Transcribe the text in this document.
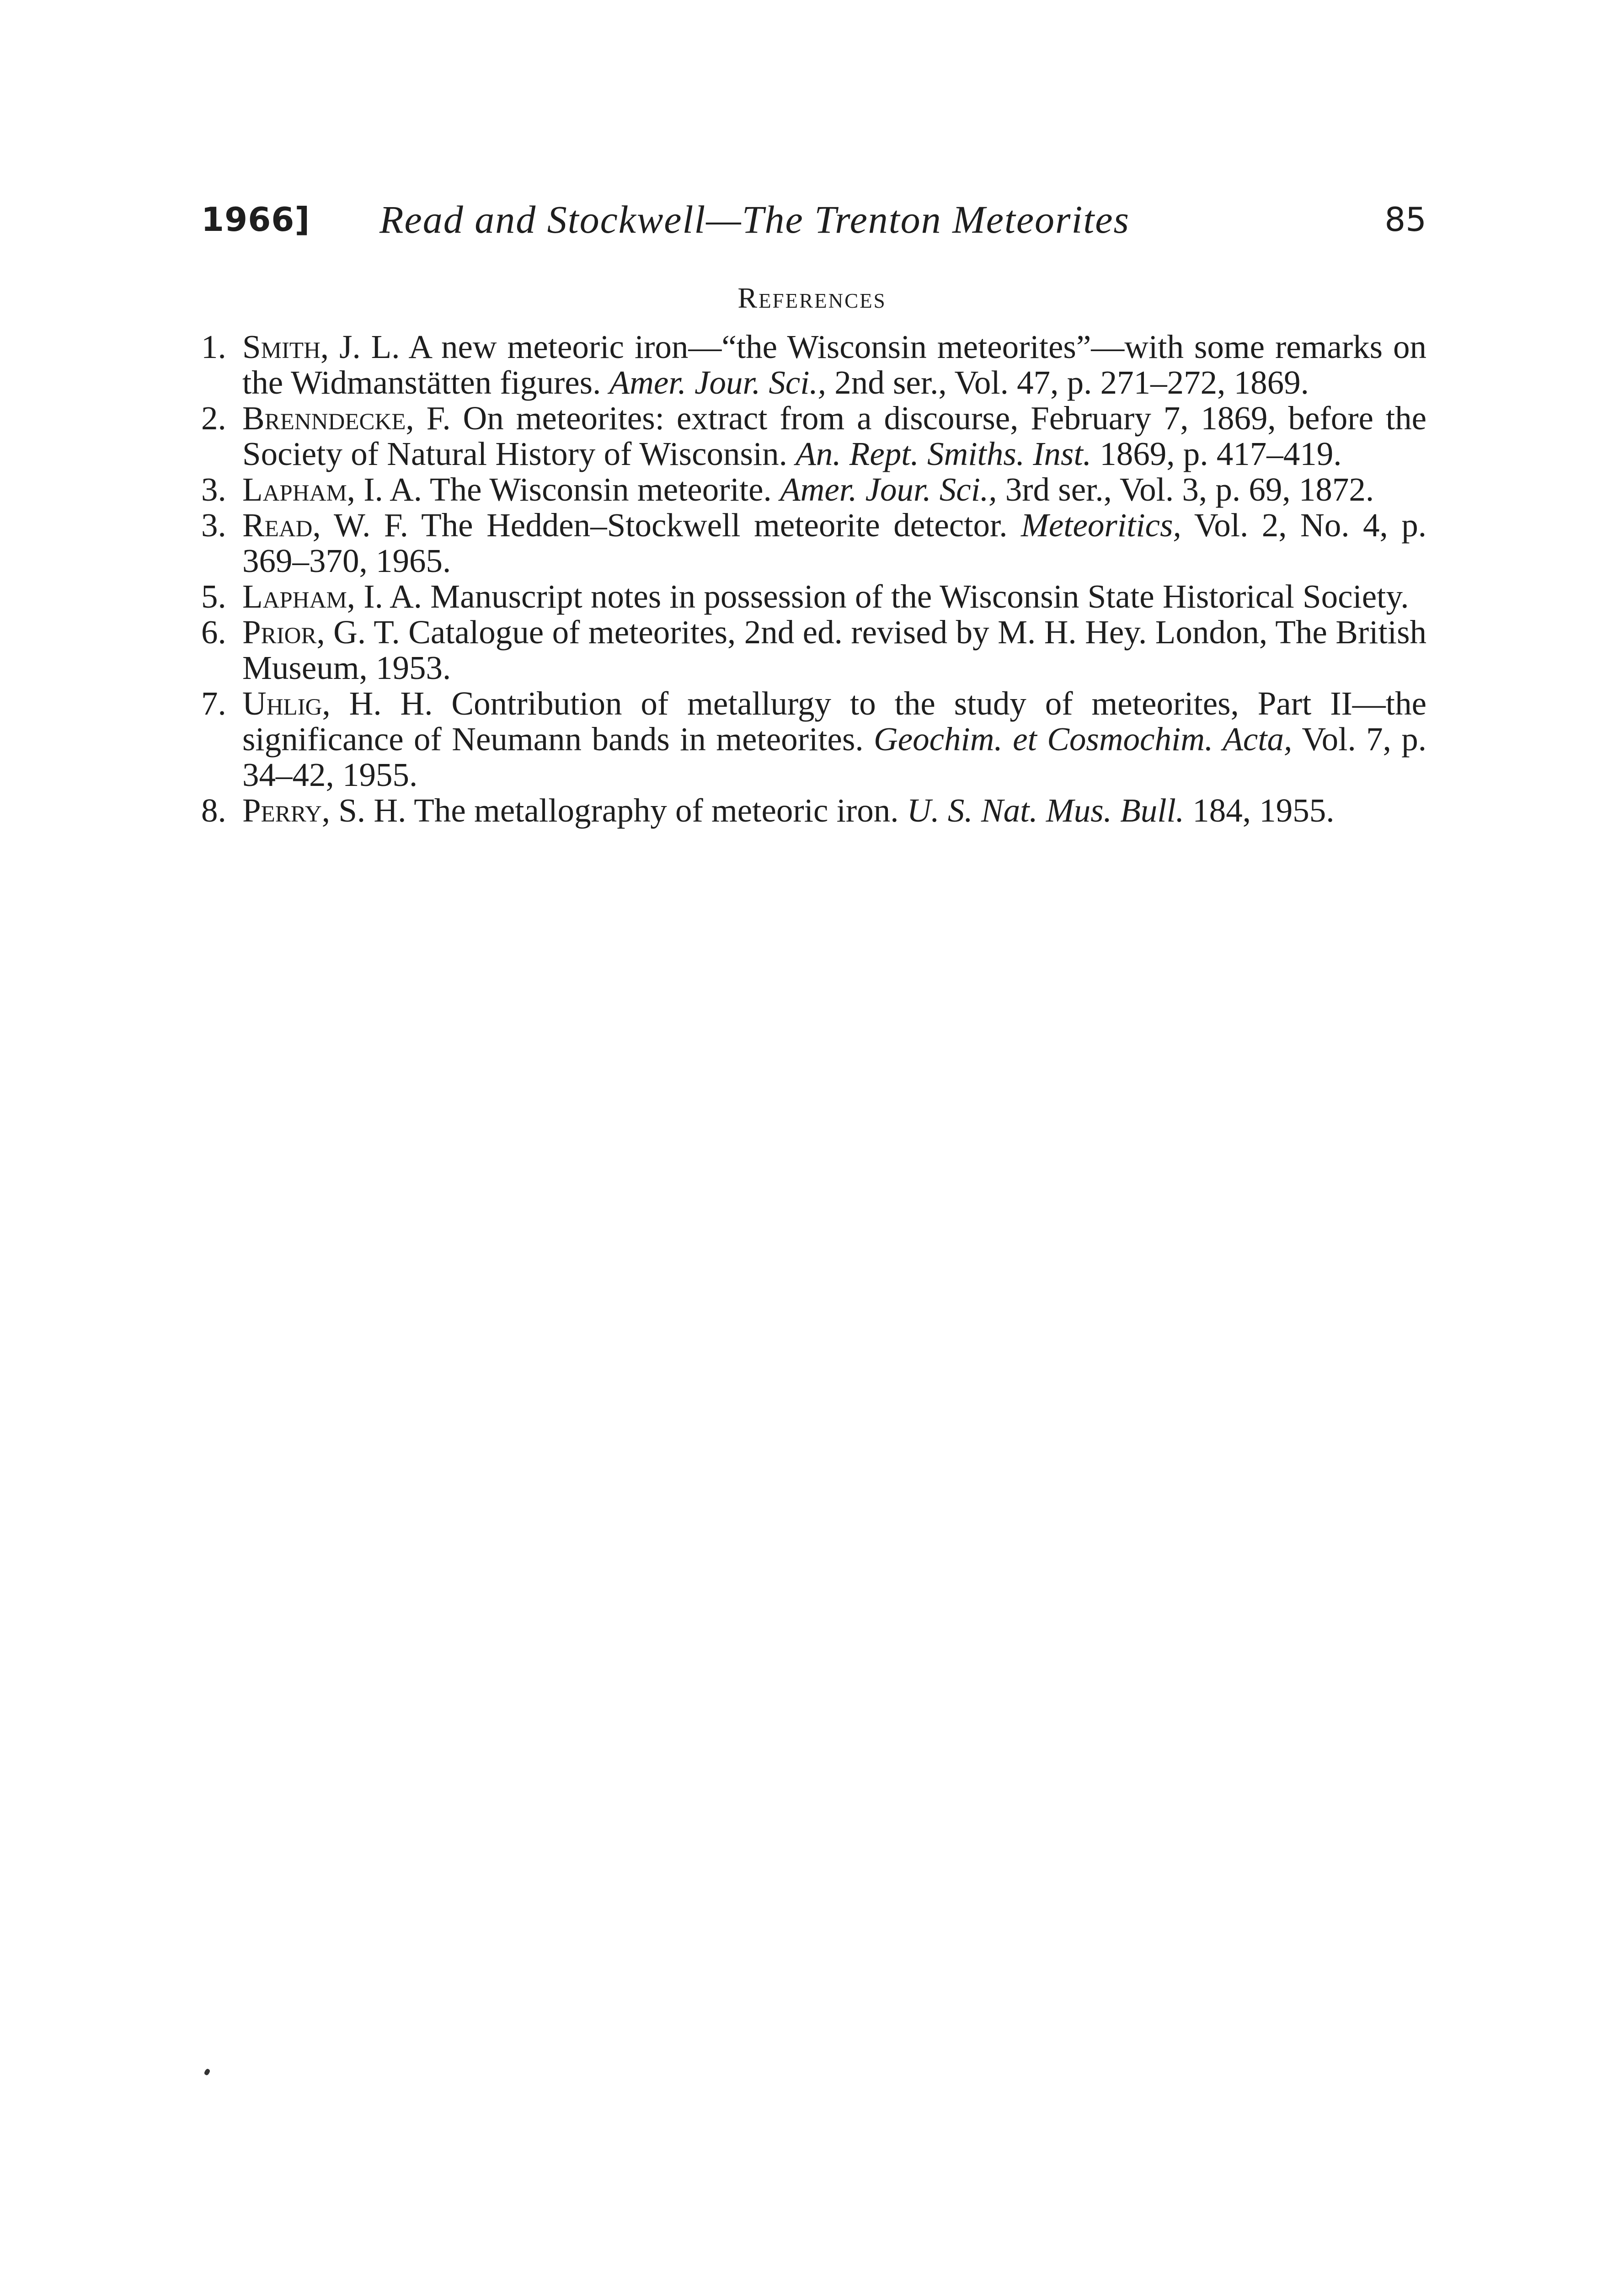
1966] Read and Stockwell—The Trenton Meteorites	85
References
1. Smith, J. L. A new meteoric iron—“the Wisconsin meteorites”—with some remarks on the Widmanstätten figures. Amer. Jour. Sci., 2nd ser., Vol. 47, p. 271–272, 1869.
2. Brenndecke, F. On meteorites: extract from a discourse, February 7, 1869, before the Society of Natural History of Wisconsin. An. Rept. Smiths. Inst. 1869, p. 417–419.
3. Lapham, I. A. The Wisconsin meteorite. Amer. Jour. Sci., 3rd ser., Vol. 3, p. 69, 1872.
3. Read, W. F. The Hedden–Stockwell meteorite detector. Meteoritics, Vol. 2, No. 4, p. 369–370, 1965.
5. Lapham, I. A. Manuscript notes in possession of the Wisconsin State Historical Society.
6. Prior, G. T. Catalogue of meteorites, 2nd ed. revised by M. H. Hey. London, The British Museum, 1953.
7. Uhlig, H. H. Contribution of metallurgy to the study of meteorites, Part II—the significance of Neumann bands in meteorites. Geochim. et Cosmochim. Acta, Vol. 7, p. 34–42, 1955.
8. Perry, S. H. The metallography of meteoric iron. U. S. Nat. Mus. Bull. 184, 1955.
